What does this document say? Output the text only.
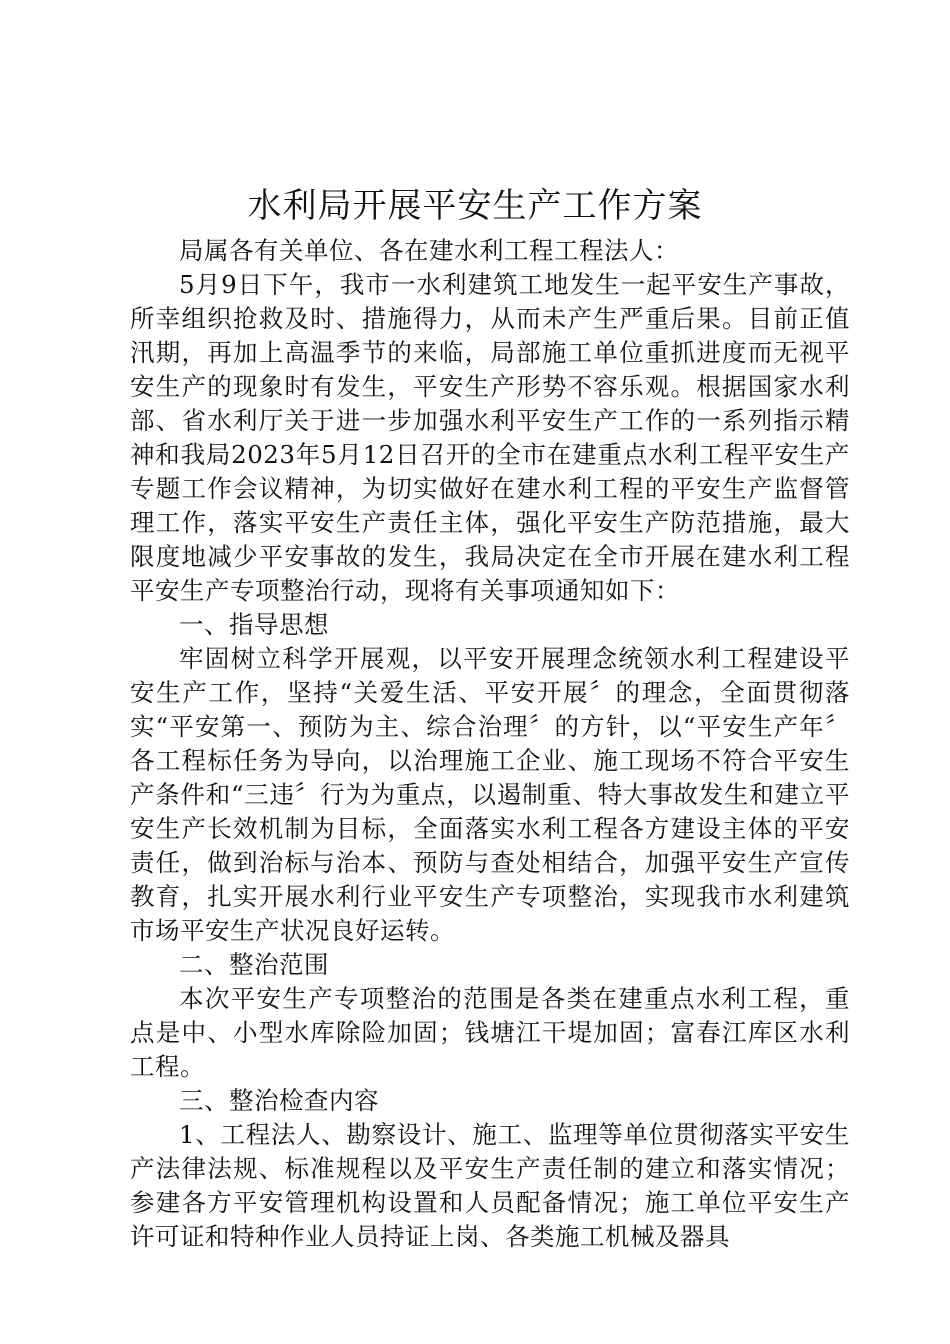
水利局开展平安生产工作方案

局属各有关单位、各在建水利工程工程法人：

5月9日下午，我市一水利建筑工地发生一起平安生产事故，所幸组织抢救及时、措施得力，从而未产生严重后果。目前正值汛期，再加上高温季节的来临，局部施工单位重抓进度而无视平安生产的现象时有发生，平安生产形势不容乐观。根据国家水利部、省水利厅关于进一步加强水利平安生产工作的一系列指示精神和我局2023年5月12日召开的全市在建重点水利工程平安生产专题工作会议精神，为切实做好在建水利工程的平安生产监督管理工作，落实平安生产责任主体，强化平安生产防范措施，最大限度地减少平安事故的发生，我局决定在全市开展在建水利工程平安生产专项整治行动，现将有关事项通知如下：

一、指导思想

牢固树立科学开展观，以平安开展理念统领水利工程建设平安生产工作，坚持“关爱生活、平安开展〞的理念，全面贯彻落实“平安第一、预防为主、综合治理〞的方针，以“平安生产年〞各工程标任务为导向，以治理施工企业、施工现场不符合平安生产条件和“三违〞行为为重点，以遏制重、特大事故发生和建立平安生产长效机制为目标，全面落实水利工程各方建设主体的平安责任，做到治标与治本、预防与查处相结合，加强平安生产宣传教育，扎实开展水利行业平安生产专项整治，实现我市水利建筑市场平安生产状况良好运转。

二、整治范围

本次平安生产专项整治的范围是各类在建重点水利工程，重点是中、小型水库除险加固；钱塘江干堤加固；富春江库区水利工程。

三、整治检查内容

1、工程法人、勘察设计、施工、监理等单位贯彻落实平安生产法律法规、标准规程以及平安生产责任制的建立和落实情况；参建各方平安管理机构设置和人员配备情况；施工单位平安生产许可证和特种作业人员持证上岗、各类施工机械及器具
